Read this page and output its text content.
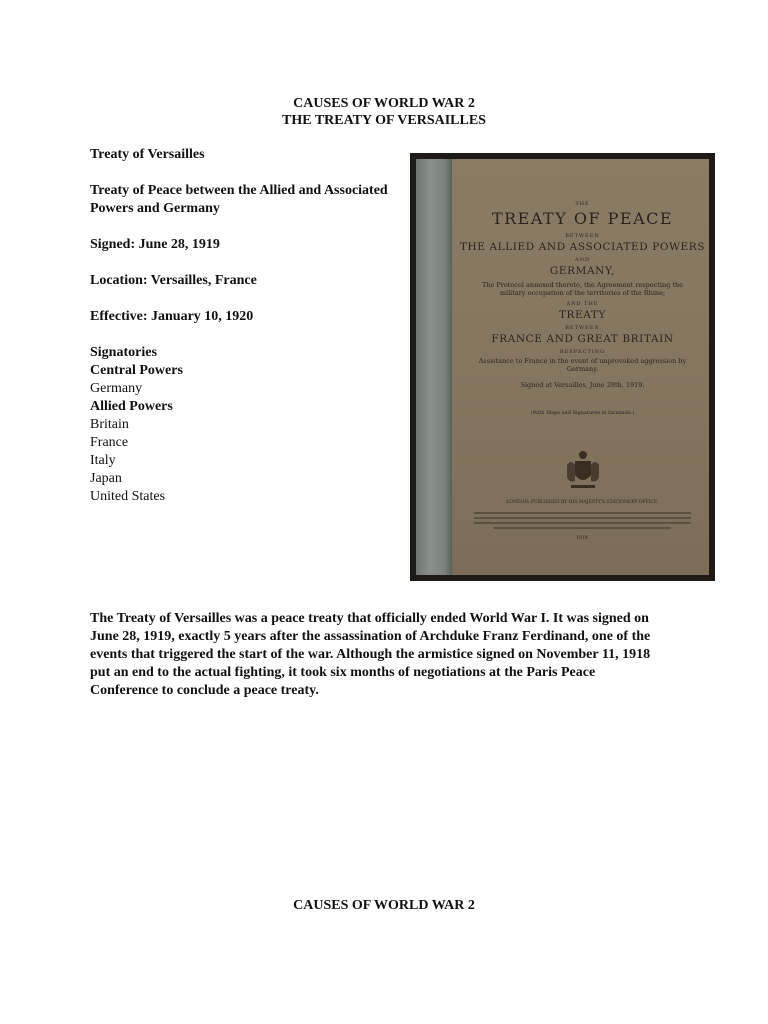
CAUSES OF WORLD WAR 2
THE TREATY OF VERSAILLES
Treaty of Versailles
Treaty of Peace between the Allied and Associated Powers and Germany
Signed: June 28, 1919
Location: Versailles, France
Effective: January 10, 1920
Signatories
Central Powers
Germany
Allied Powers
Britain
France
Italy
Japan
United States
THE
TREATY OF PEACE
BETWEEN
THE ALLIED AND ASSOCIATED POWERS
AND
GERMANY,
The Protocol annexed thereto, the Agreement respecting the military occupation of the territories of the Rhine;
AND THE
TREATY
BETWEEN
FRANCE AND GREAT BRITAIN
RESPECTING
Assistance to France in the event of unprovoked aggression by Germany.
Signed at Versailles, June 28th, 1919.
(With Maps and Signatures in facsimile.)
LONDON: PUBLISHED BY HIS MAJESTY'S STATIONERY OFFICE.
1919.
The Treaty of Versailles was a peace treaty that officially ended World War I. It was signed on June 28, 1919, exactly 5 years after the assassination of Archduke Franz Ferdinand, one of the events that triggered the start of the war. Although the armistice signed on November 11, 1918 put an end to the actual fighting, it took six months of negotiations at the Paris Peace Conference to conclude a peace treaty.
CAUSES OF WORLD WAR 2
